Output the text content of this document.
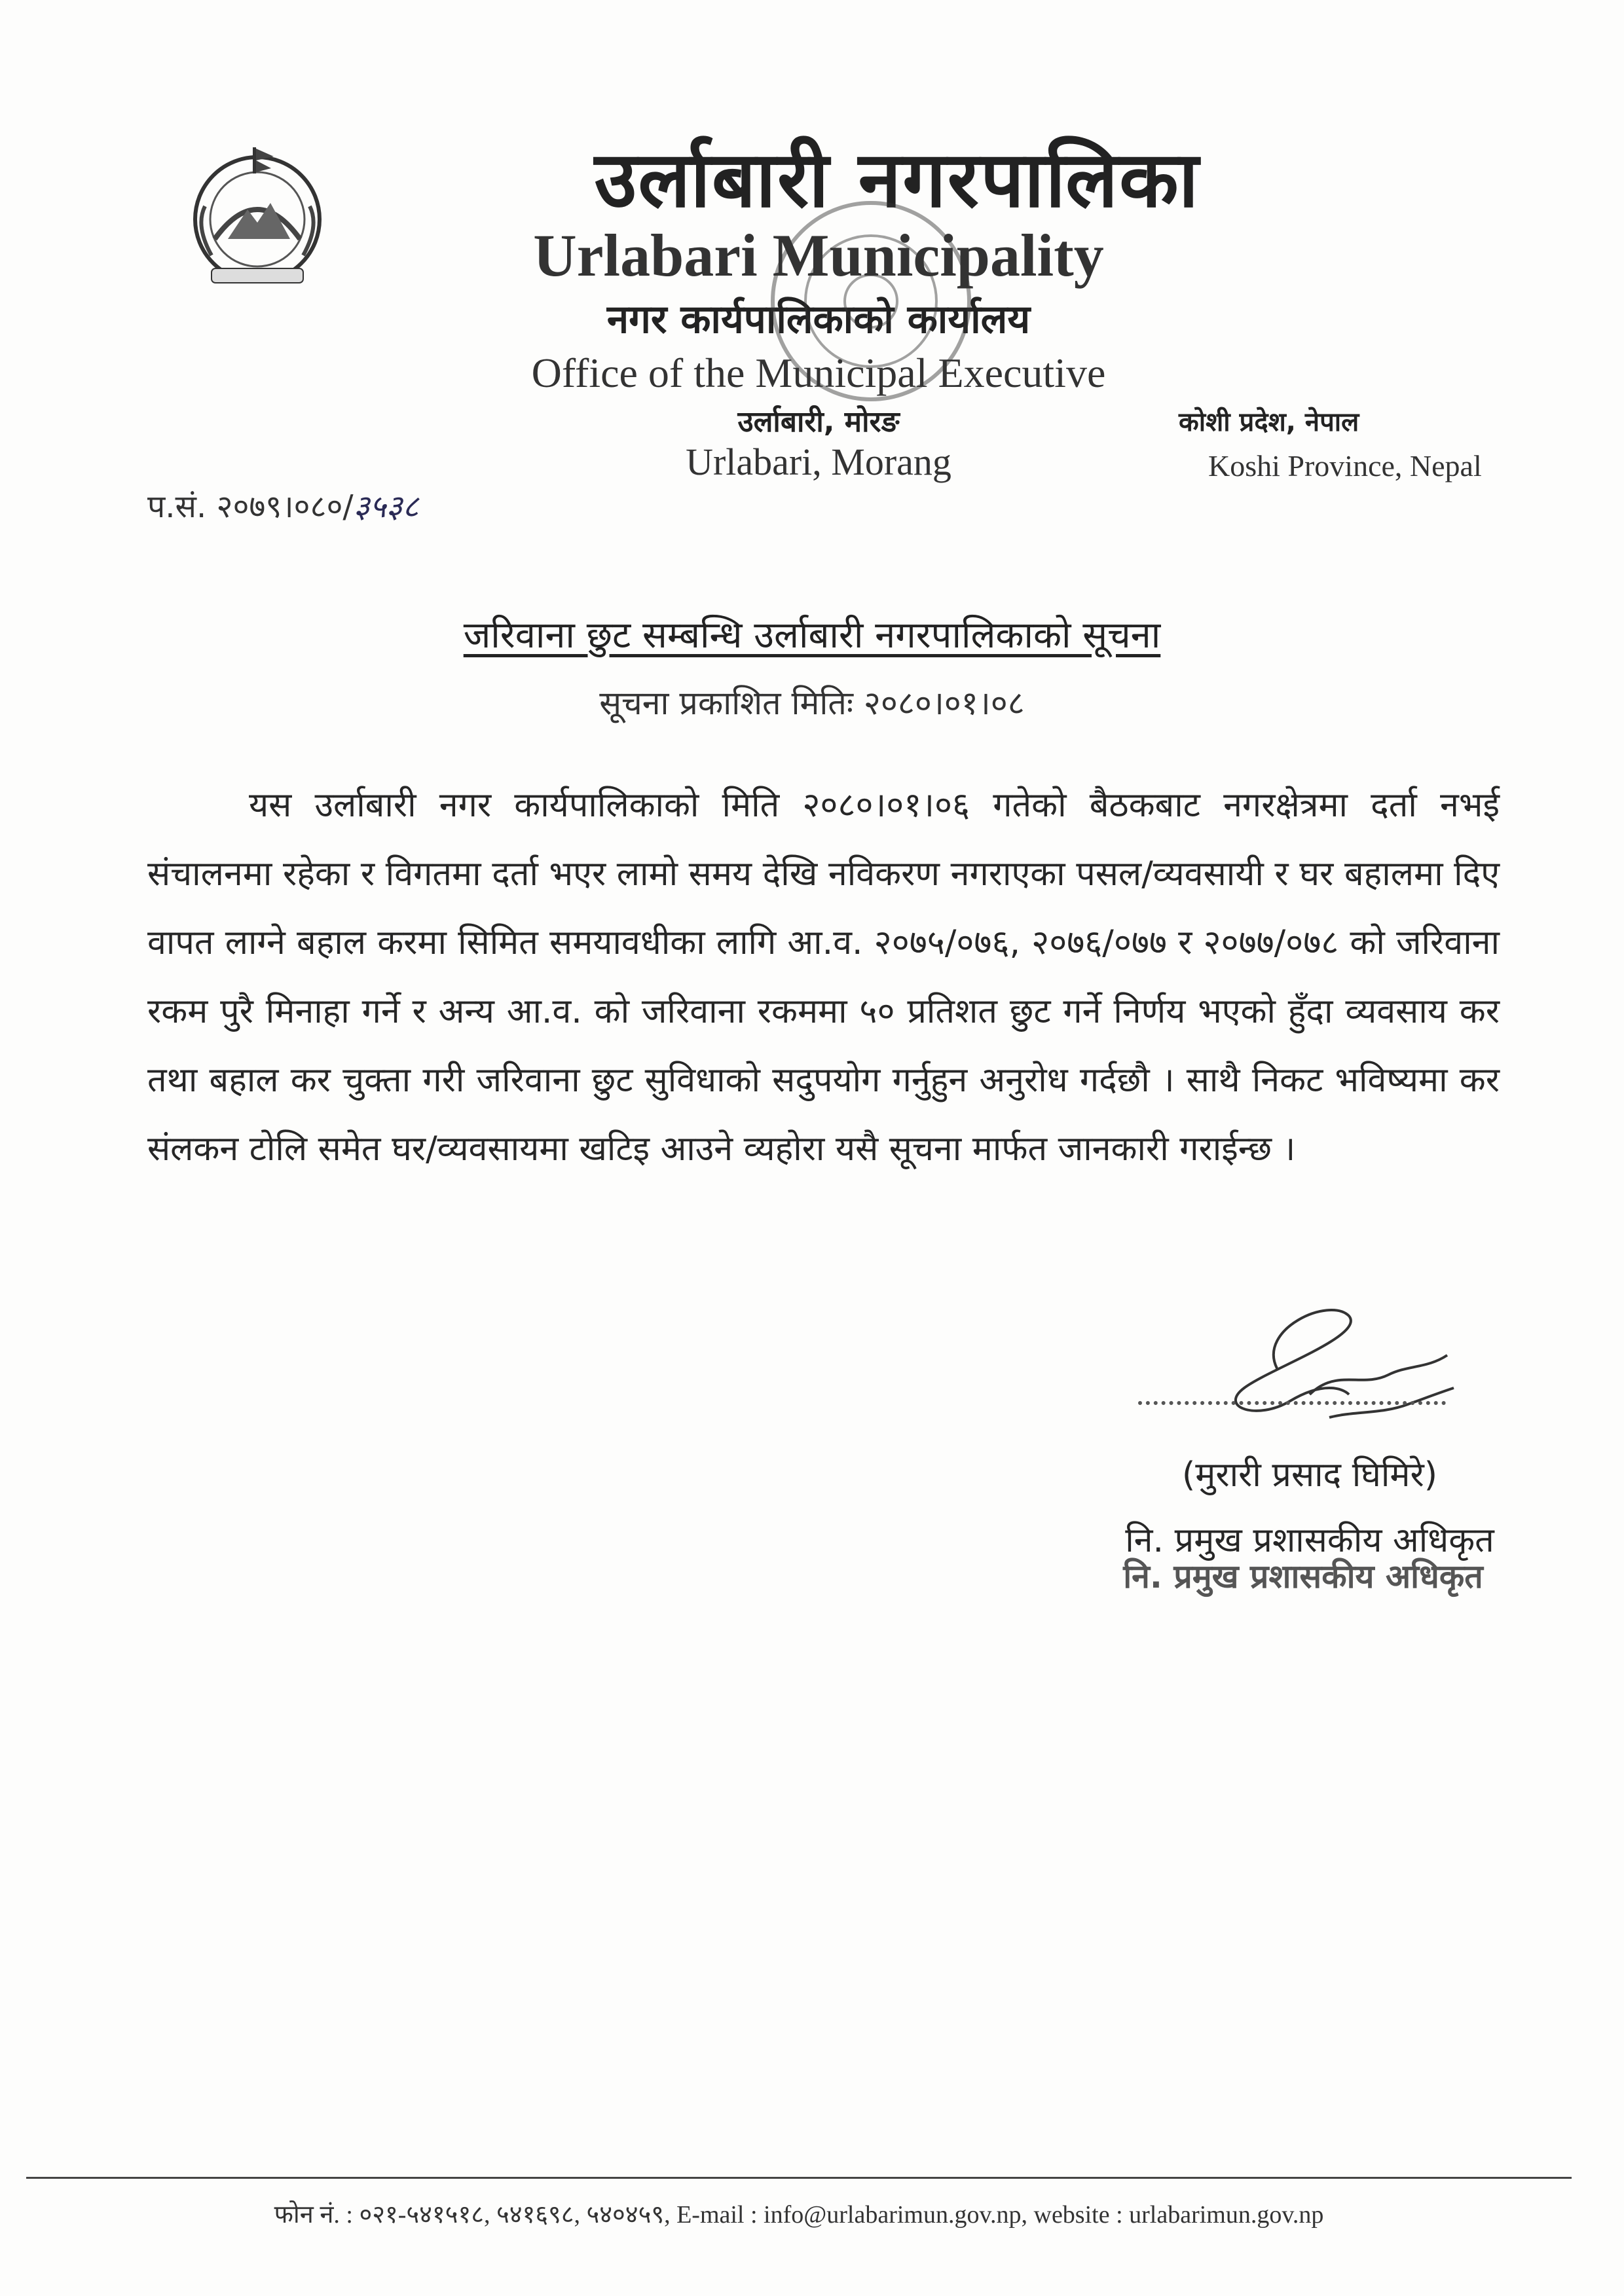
उर्लाबारी नगरपालिका
Urlabari Municipality
नगर कार्यपालिकाको कार्यालय
Office of the Municipal Executive
उर्लाबारी, मोरङ
Urlabari, Morang
कोशी प्रदेश, नेपाल
Koshi Province, Nepal
प.सं. २०७९।०८०/३५३८
जरिवाना छुट सम्बन्धि उर्लाबारी नगरपालिकाको सूचना
सूचना प्रकाशित मितिः २०८०।०१।०८
यस उर्लाबारी नगर कार्यपालिकाको मिति २०८०।०१।०६ गतेको बैठकबाट नगरक्षेत्रमा दर्ता नभई संचालनमा रहेका र विगतमा दर्ता भएर लामो समय देखि नविकरण नगराएका पसल/व्यवसायी र घर बहालमा दिए वापत लाग्ने बहाल करमा सिमित समयावधीका लागि आ.व. २०७५/०७६, २०७६/०७७ र २०७७/०७८ को जरिवाना रकम पुरै मिनाहा गर्ने र अन्य आ.व. को जरिवाना रकममा ५० प्रतिशत छुट गर्ने निर्णय भएको हुँदा व्यवसाय कर तथा बहाल कर चुक्ता गरी जरिवाना छुट सुविधाको सदुपयोग गर्नुहुन अनुरोध गर्दछौ । साथै निकट भविष्यमा कर संलकन टोलि समेत घर/व्यवसायमा खटिइ आउने व्यहोरा यसै सूचना मार्फत जानकारी गराईन्छ ।
(मुरारी प्रसाद घिमिरे)
नि. प्रमुख प्रशासकीय अधिकृत
नि. प्रमुख प्रशासकीय अधिकृत
फोन नं. : ०२१-५४१५१८, ५४१६९८, ५४०४५९, E-mail : info@urlabarimun.gov.np, website : urlabarimun.gov.np
